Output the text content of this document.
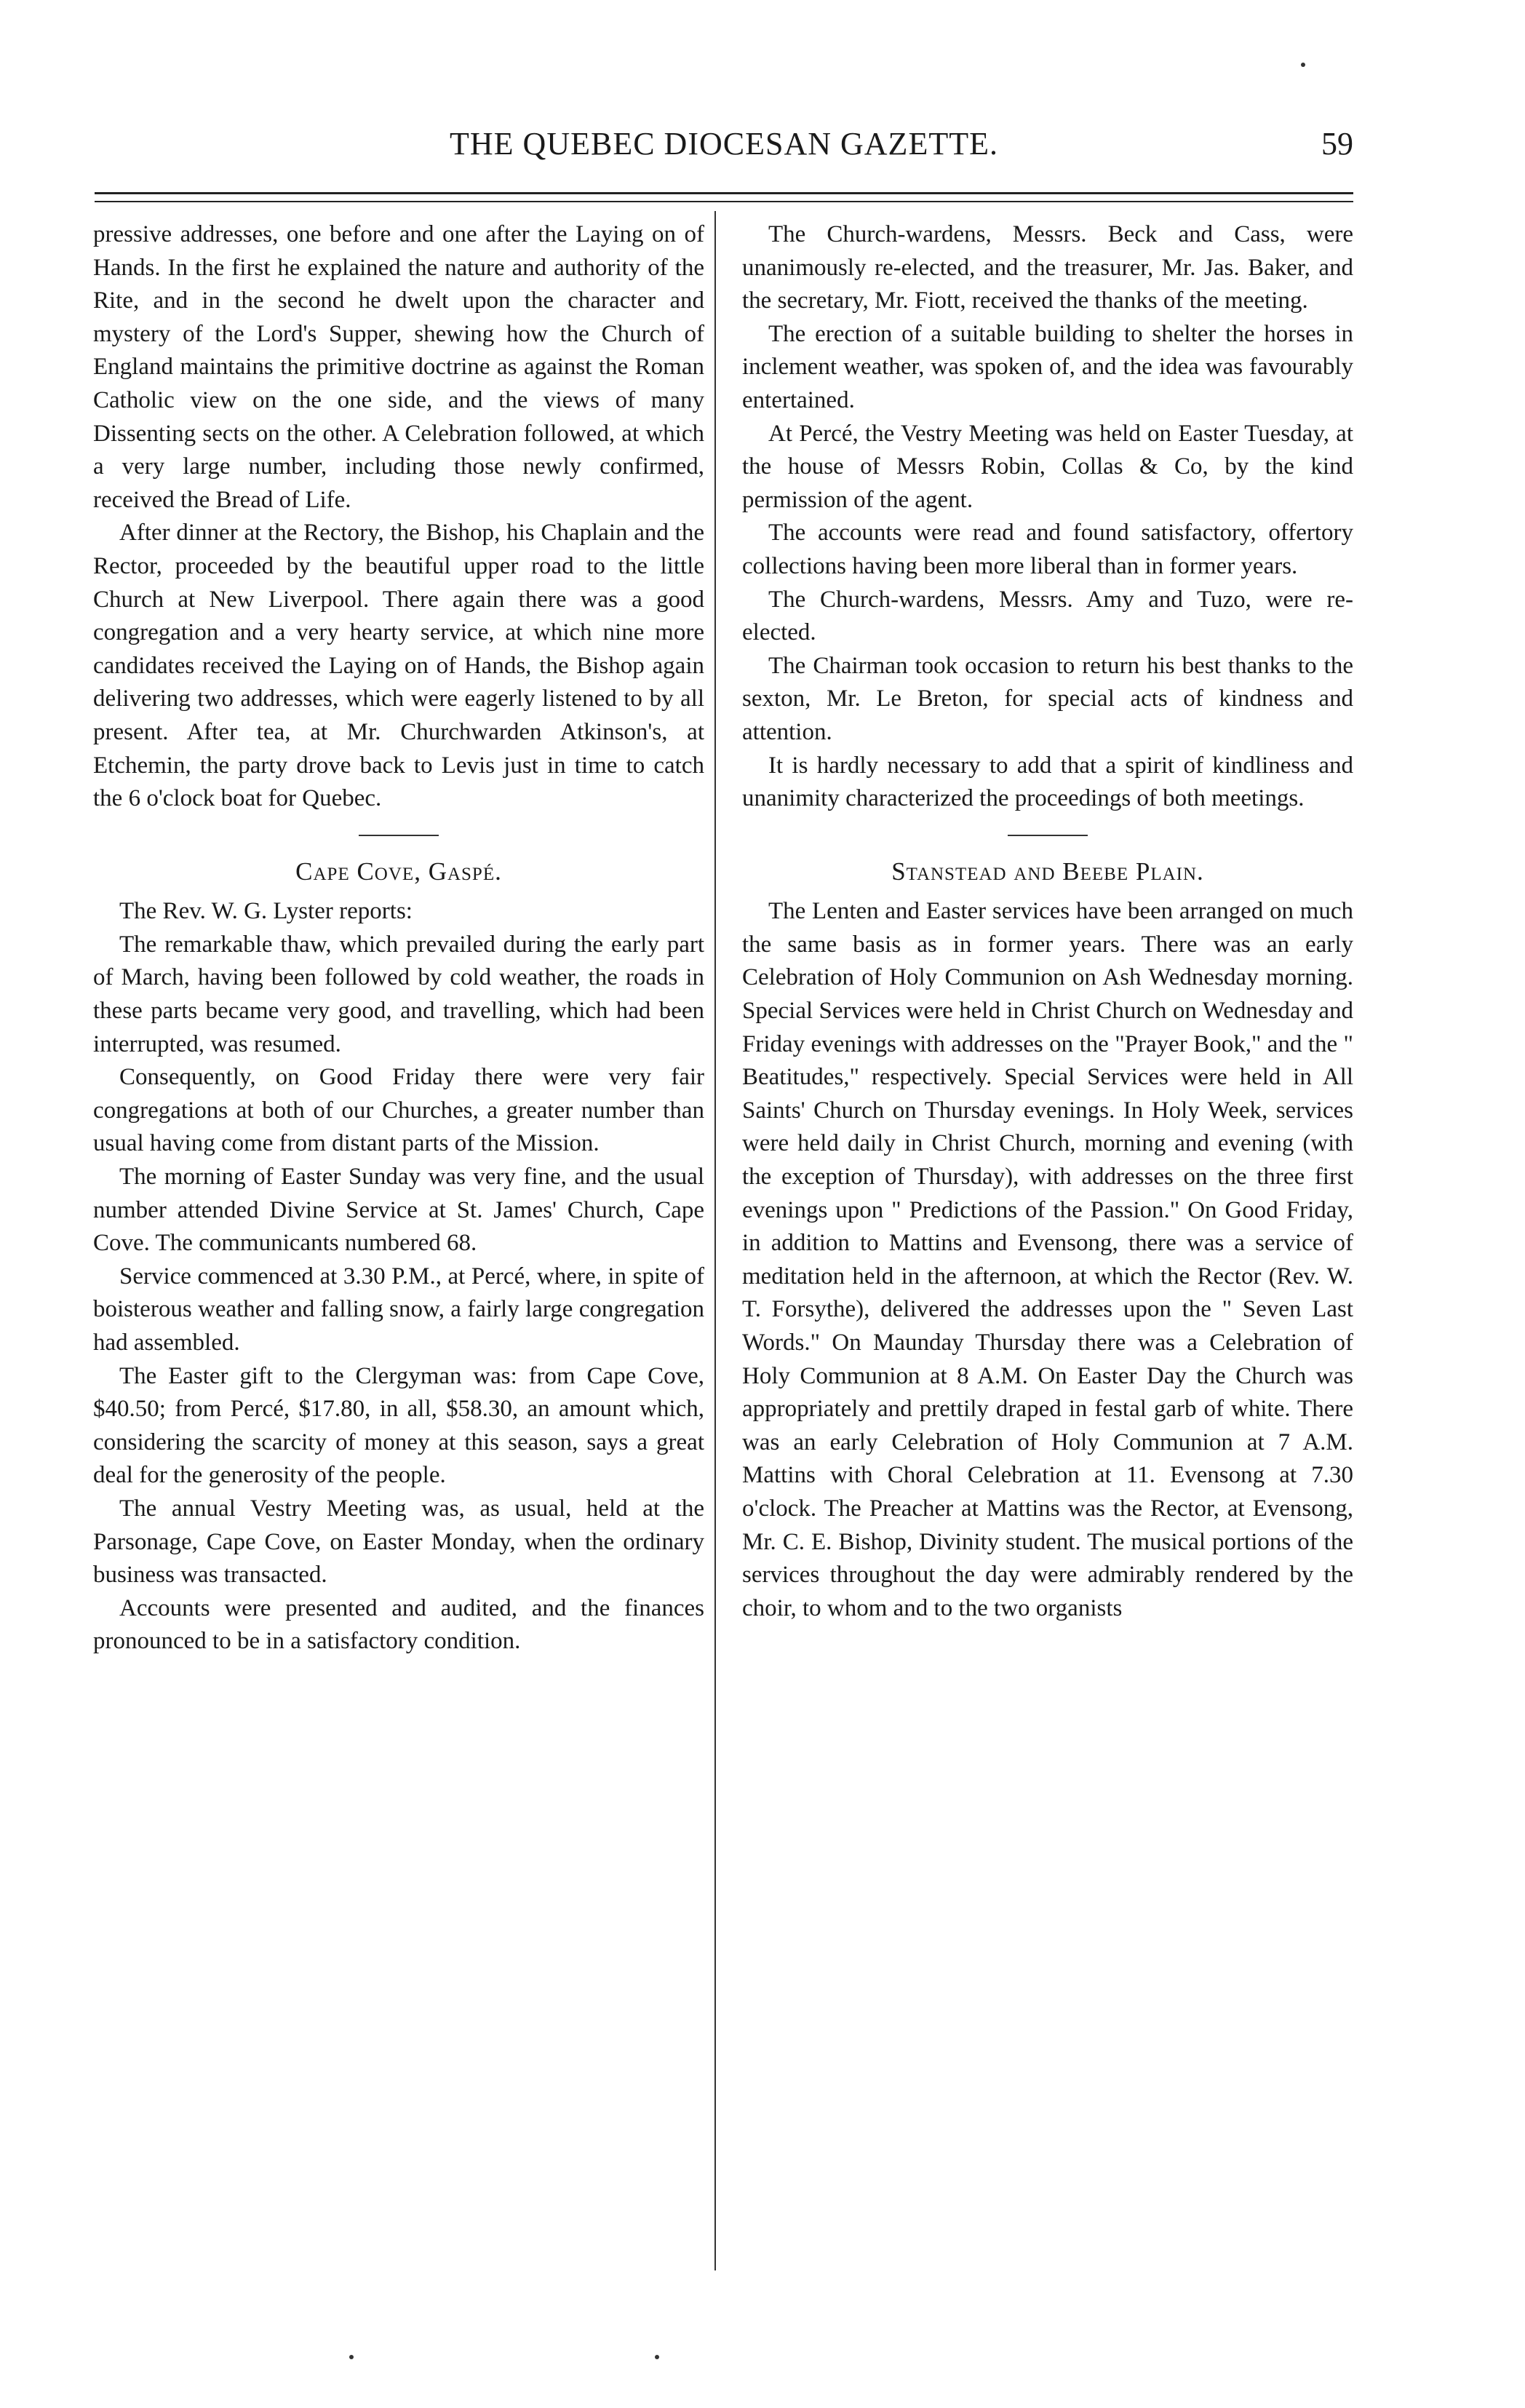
THE QUEBEC DIOCESAN GAZETTE.	59

pressive addresses, one before and one after the Laying on of Hands. In the first he explained the nature and authority of the Rite, and in the second he dwelt upon the character and mystery of the Lord's Supper, shewing how the Church of England maintains the primitive doctrine as against the Roman Catholic view on the one side, and the views of many Dissenting sects on the other. A Celebration followed, at which a very large number, including those newly confirmed, received the Bread of Life.

After dinner at the Rectory, the Bishop, his Chaplain and the Rector, proceeded by the beautiful upper road to the little Church at New Liverpool. There again there was a good congregation and a very hearty service, at which nine more candidates received the Laying on of Hands, the Bishop again delivering two addresses, which were eagerly listened to by all present. After tea, at Mr. Churchwarden Atkinson's, at Etchemin, the party drove back to Levis just in time to catch the 6 o'clock boat for Quebec.

Cape Cove, Gaspé.

The Rev. W. G. Lyster reports:

The remarkable thaw, which prevailed during the early part of March, having been followed by cold weather, the roads in these parts became very good, and travelling, which had been interrupted, was resumed.

Consequently, on Good Friday there were very fair congregations at both of our Churches, a greater number than usual having come from distant parts of the Mission.

The morning of Easter Sunday was very fine, and the usual number attended Divine Service at St. James' Church, Cape Cove. The communicants numbered 68.

Service commenced at 3.30 P.M., at Percé, where, in spite of boisterous weather and falling snow, a fairly large congregation had assembled.

The Easter gift to the Clergyman was: from Cape Cove, $40.50; from Percé, $17.80, in all, $58.30, an amount which, considering the scarcity of money at this season, says a great deal for the generosity of the people.

The annual Vestry Meeting was, as usual, held at the Parsonage, Cape Cove, on Easter Monday, when the ordinary business was transacted.

Accounts were presented and audited, and the finances pronounced to be in a satisfactory condition.

The Church-wardens, Messrs. Beck and Cass, were unanimously re-elected, and the treasurer, Mr. Jas. Baker, and the secretary, Mr. Fiott, received the thanks of the meeting.

The erection of a suitable building to shelter the horses in inclement weather, was spoken of, and the idea was favourably entertained.

At Percé, the Vestry Meeting was held on Easter Tuesday, at the house of Messrs Robin, Collas & Co, by the kind permission of the agent.

The accounts were read and found satisfactory, offertory collections having been more liberal than in former years.

The Church-wardens, Messrs. Amy and Tuzo, were re-elected.

The Chairman took occasion to return his best thanks to the sexton, Mr. Le Breton, for special acts of kindness and attention.

It is hardly necessary to add that a spirit of kindliness and unanimity characterized the proceedings of both meetings.

Stanstead and Beebe Plain.

The Lenten and Easter services have been arranged on much the same basis as in former years. There was an early Celebration of Holy Communion on Ash Wednesday morning. Special Services were held in Christ Church on Wednesday and Friday evenings with addresses on the "Prayer Book," and the " Beatitudes," respectively. Special Services were held in All Saints' Church on Thursday evenings. In Holy Week, services were held daily in Christ Church, morning and evening (with the exception of Thursday), with addresses on the three first evenings upon " Predictions of the Passion." On Good Friday, in addition to Mattins and Evensong, there was a service of meditation held in the afternoon, at which the Rector (Rev. W. T. Forsythe), delivered the addresses upon the " Seven Last Words." On Maunday Thursday there was a Celebration of Holy Communion at 8 A.M. On Easter Day the Church was appropriately and prettily draped in festal garb of white. There was an early Celebration of Holy Communion at 7 A.M. Mattins with Choral Celebration at 11. Evensong at 7.30 o'clock. The Preacher at Mattins was the Rector, at Evensong, Mr. C. E. Bishop, Divinity student. The musical portions of the services throughout the day were admirably rendered by the choir, to whom and to the two organists
